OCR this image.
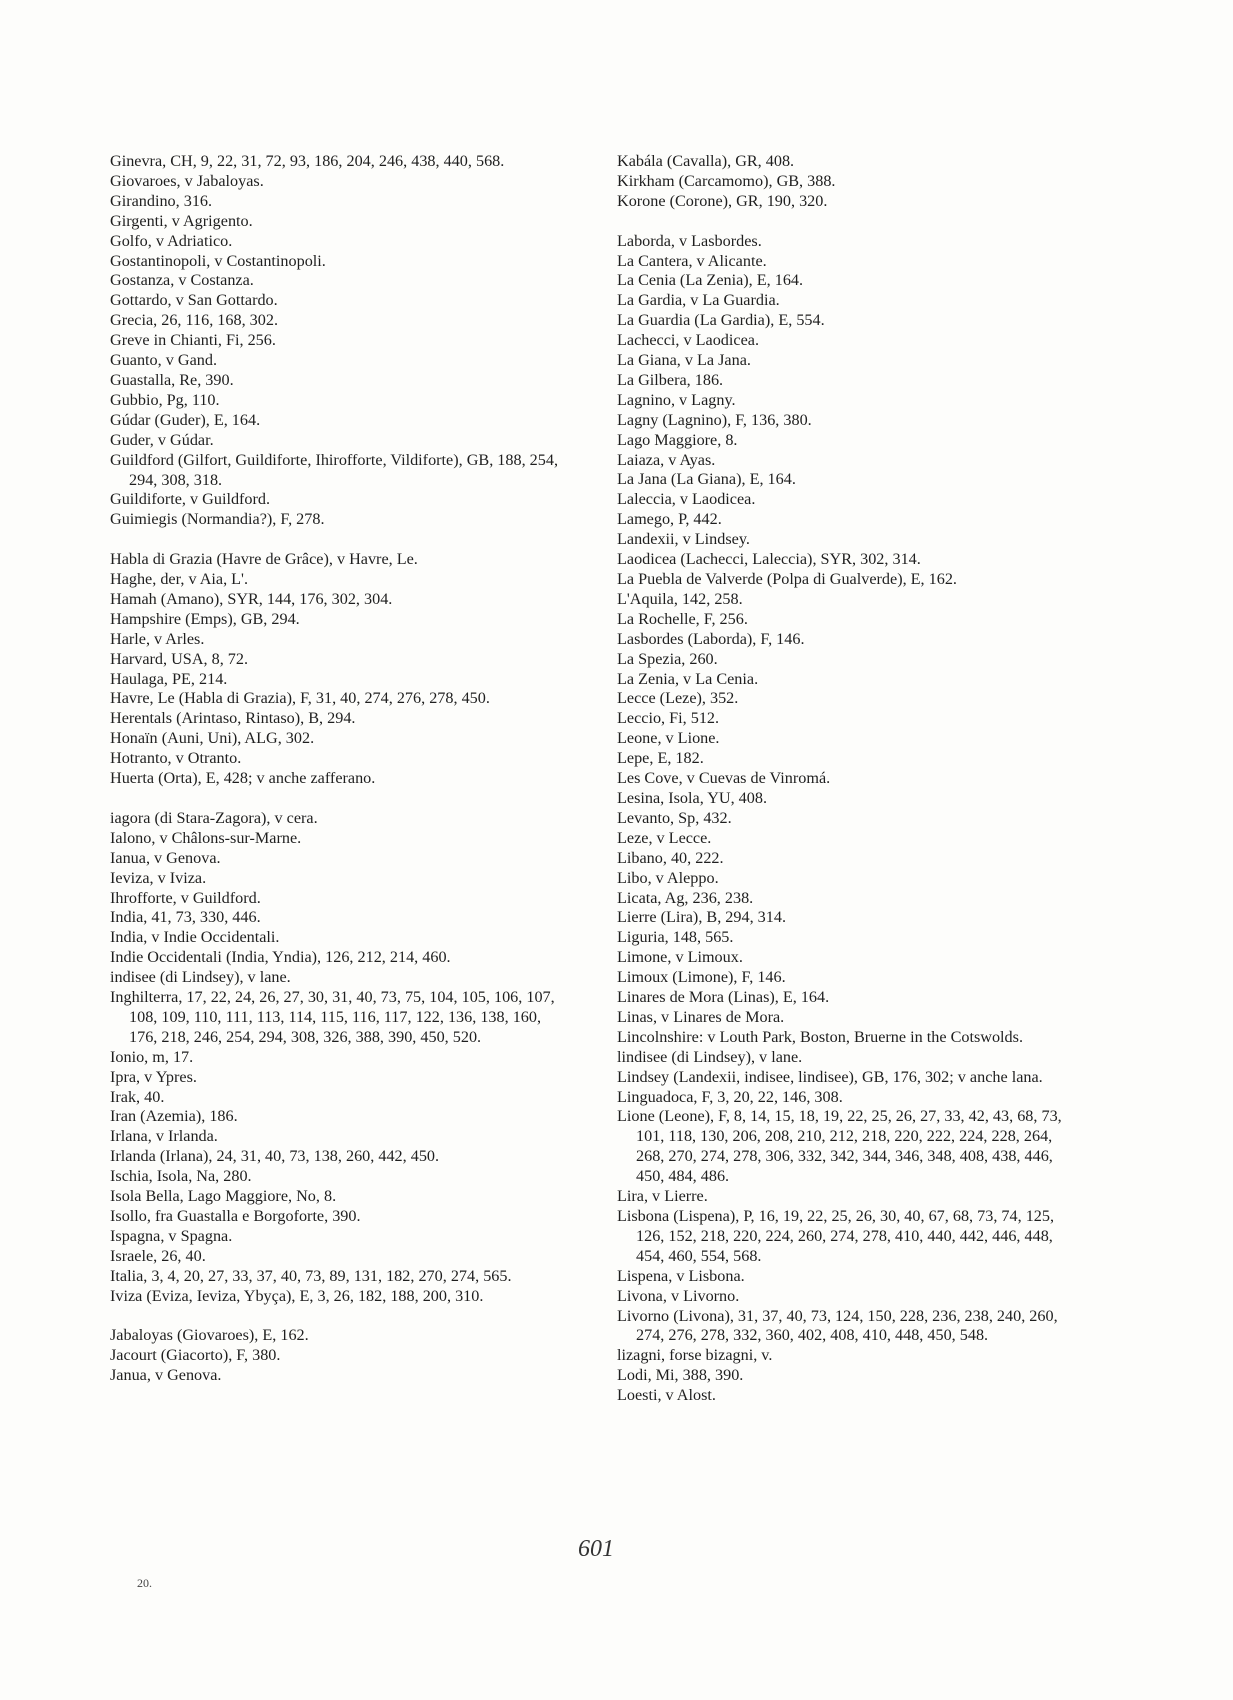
Ginevra, CH, 9, 22, 31, 72, 93, 186, 204, 246, 438, 440, 568.

Giovaroes, v Jabaloyas.

Girandino, 316.

Girgenti, v Agrigento.

Golfo, v Adriatico.

Gostantinopoli, v Costantinopoli.

Gostanza, v Costanza.

Gottardo, v San Gottardo.

Grecia, 26, 116, 168, 302.

Greve in Chianti, Fi, 256.

Guanto, v Gand.

Guastalla, Re, 390.

Gubbio, Pg, 110.

Gúdar (Guder), E, 164.

Guder, v Gúdar.

Guildford (Gilfort, Guildiforte, Ihirofforte, Vildiforte), GB, 188, 254, 294, 308, 318.

Guildiforte, v Guildford.

Guimiegis (Normandia?), F, 278.

Habla di Grazia (Havre de Grâce), v Havre, Le.

Haghe, der, v Aia, L'.

Hamah (Amano), SYR, 144, 176, 302, 304.

Hampshire (Emps), GB, 294.

Harle, v Arles.

Harvard, USA, 8, 72.

Haulaga, PE, 214.

Havre, Le (Habla di Grazia), F, 31, 40, 274, 276, 278, 450.

Herentals (Arintaso, Rintaso), B, 294.

Honaïn (Auni, Uni), ALG, 302.

Hotranto, v Otranto.

Huerta (Orta), E, 428; v anche zafferano.

iagora (di Stara-Zagora), v cera.

Ialono, v Châlons-sur-Marne.

Ianua, v Genova.

Ieviza, v Iviza.

Ihrofforte, v Guildford.

India, 41, 73, 330, 446.

India, v Indie Occidentali.

Indie Occidentali (India, Yndia), 126, 212, 214, 460.

indisee (di Lindsey), v lane.

Inghilterra, 17, 22, 24, 26, 27, 30, 31, 40, 73, 75, 104, 105, 106, 107, 108, 109, 110, 111, 113, 114, 115, 116, 117, 122, 136, 138, 160, 176, 218, 246, 254, 294, 308, 326, 388, 390, 450, 520.

Ionio, m, 17.

Ipra, v Ypres.

Irak, 40.

Iran (Azemia), 186.

Irlana, v Irlanda.

Irlanda (Irlana), 24, 31, 40, 73, 138, 260, 442, 450.

Ischia, Isola, Na, 280.

Isola Bella, Lago Maggiore, No, 8.

Isollo, fra Guastalla e Borgoforte, 390.

Ispagna, v Spagna.

Israele, 26, 40.

Italia, 3, 4, 20, 27, 33, 37, 40, 73, 89, 131, 182, 270, 274, 565.

Iviza (Eviza, Ieviza, Ybyça), E, 3, 26, 182, 188, 200, 310.

Jabaloyas (Giovaroes), E, 162.

Jacourt (Giacorto), F, 380.

Janua, v Genova.

Kabála (Cavalla), GR, 408.

Kirkham (Carcamomo), GB, 388.

Korone (Corone), GR, 190, 320.

Laborda, v Lasbordes.

La Cantera, v Alicante.

La Cenia (La Zenia), E, 164.

La Gardia, v La Guardia.

La Guardia (La Gardia), E, 554.

Lachecci, v Laodicea.

La Giana, v La Jana.

La Gilbera, 186.

Lagnino, v Lagny.

Lagny (Lagnino), F, 136, 380.

Lago Maggiore, 8.

Laiaza, v Ayas.

La Jana (La Giana), E, 164.

Laleccia, v Laodicea.

Lamego, P, 442.

Landexii, v Lindsey.

Laodicea (Lachecci, Laleccia), SYR, 302, 314.

La Puebla de Valverde (Polpa di Gualverde), E, 162.

L'Aquila, 142, 258.

La Rochelle, F, 256.

Lasbordes (Laborda), F, 146.

La Spezia, 260.

La Zenia, v La Cenia.

Lecce (Leze), 352.

Leccio, Fi, 512.

Leone, v Lione.

Lepe, E, 182.

Les Cove, v Cuevas de Vinromá.

Lesina, Isola, YU, 408.

Levanto, Sp, 432.

Leze, v Lecce.

Libano, 40, 222.

Libo, v Aleppo.

Licata, Ag, 236, 238.

Lierre (Lira), B, 294, 314.

Liguria, 148, 565.

Limone, v Limoux.

Limoux (Limone), F, 146.

Linares de Mora (Linas), E, 164.

Linas, v Linares de Mora.

Lincolnshire: v Louth Park, Boston, Bruerne in the Cotswolds.

lindisee (di Lindsey), v lane.

Lindsey (Landexii, indisee, lindisee), GB, 176, 302; v anche lana.

Linguadoca, F, 3, 20, 22, 146, 308.

Lione (Leone), F, 8, 14, 15, 18, 19, 22, 25, 26, 27, 33, 42, 43, 68, 73, 101, 118, 130, 206, 208, 210, 212, 218, 220, 222, 224, 228, 264, 268, 270, 274, 278, 306, 332, 342, 344, 346, 348, 408, 438, 446, 450, 484, 486.

Lira, v Lierre.

Lisbona (Lispena), P, 16, 19, 22, 25, 26, 30, 40, 67, 68, 73, 74, 125, 126, 152, 218, 220, 224, 260, 274, 278, 410, 440, 442, 446, 448, 454, 460, 554, 568.

Lispena, v Lisbona.

Livona, v Livorno.

Livorno (Livona), 31, 37, 40, 73, 124, 150, 228, 236, 238, 240, 260, 274, 276, 278, 332, 360, 402, 408, 410, 448, 450, 548.

lizagni, forse bizagni, v.

Lodi, Mi, 388, 390.

Loesti, v Alost.

601
20.
